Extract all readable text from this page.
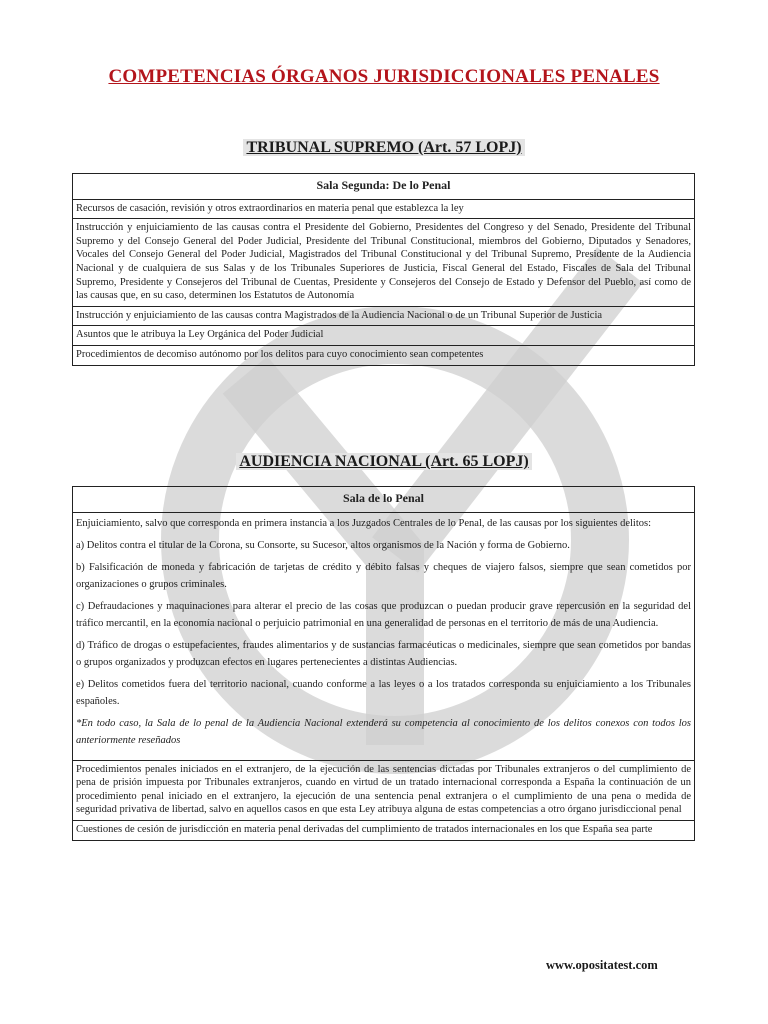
COMPETENCIAS ÓRGANOS JURISDICCIONALES PENALES
TRIBUNAL SUPREMO (Art. 57 LOPJ)
Sala Segunda: De lo Penal
Recursos de casación, revisión y otros extraordinarios en materia penal que establezca la ley
Instrucción y enjuiciamiento de las causas contra el Presidente del Gobierno, Presidentes del Congreso y del Senado, Presidente del Tribunal Supremo y del Consejo General del Poder Judicial, Presidente del Tribunal Constitucional, miembros del Gobierno, Diputados y Senadores, Vocales del Consejo General del Poder Judicial, Magistrados del Tribunal Constitucional y del Tribunal Supremo, Presidente de la Audiencia Nacional y de cualquiera de sus Salas y de los Tribunales Superiores de Justicia, Fiscal General del Estado, Fiscales de Sala del Tribunal Supremo, Presidente y Consejeros del Tribunal de Cuentas, Presidente y Consejeros del Consejo de Estado y Defensor del Pueblo, así como de las causas que, en su caso, determinen los Estatutos de Autonomía
Instrucción y enjuiciamiento de las causas contra Magistrados de la Audiencia Nacional o de un Tribunal Superior de Justicia
Asuntos que le atribuya la Ley Orgánica del Poder Judicial
Procedimientos de decomiso autónomo por los delitos para cuyo conocimiento sean competentes
AUDIENCIA NACIONAL (Art. 65 LOPJ)
Sala de lo Penal

Enjuiciamiento, salvo que corresponda en primera instancia a los Juzgados Centrales de lo Penal, de las causas por los siguientes delitos:

a) Delitos contra el titular de la Corona, su Consorte, su Sucesor, altos organismos de la Nación y forma de Gobierno.

b) Falsificación de moneda y fabricación de tarjetas de crédito y débito falsas y cheques de viajero falsos, siempre que sean cometidos por organizaciones o grupos criminales.

c) Defraudaciones y maquinaciones para alterar el precio de las cosas que produzcan o puedan producir grave repercusión en la seguridad del tráfico mercantil, en la economía nacional o perjuicio patrimonial en una generalidad de personas en el territorio de más de una Audiencia.

d) Tráfico de drogas o estupefacientes, fraudes alimentarios y de sustancias farmacéuticas o medicinales, siempre que sean cometidos por bandas o grupos organizados y produzcan efectos en lugares pertenecientes a distintas Audiencias.

e) Delitos cometidos fuera del territorio nacional, cuando conforme a las leyes o a los tratados corresponda su enjuiciamiento a los Tribunales españoles.

*En todo caso, la Sala de lo penal de la Audiencia Nacional extenderá su competencia al conocimiento de los delitos conexos con todos los anteriormente reseñados

Procedimientos penales iniciados en el extranjero, de la ejecución de las sentencias dictadas por Tribunales extranjeros o del cumplimiento de pena de prisión impuesta por Tribunales extranjeros, cuando en virtud de un tratado internacional corresponda a España la continuación de un procedimiento penal iniciado en el extranjero, la ejecución de una sentencia penal extranjera o el cumplimiento de una pena o medida de seguridad privativa de libertad, salvo en aquellos casos en que esta Ley atribuya alguna de estas competencias a otro órgano jurisdiccional penal
Cuestiones de cesión de jurisdicción en materia penal derivadas del cumplimiento de tratados internacionales en los que España sea parte
www.opositatest.com
